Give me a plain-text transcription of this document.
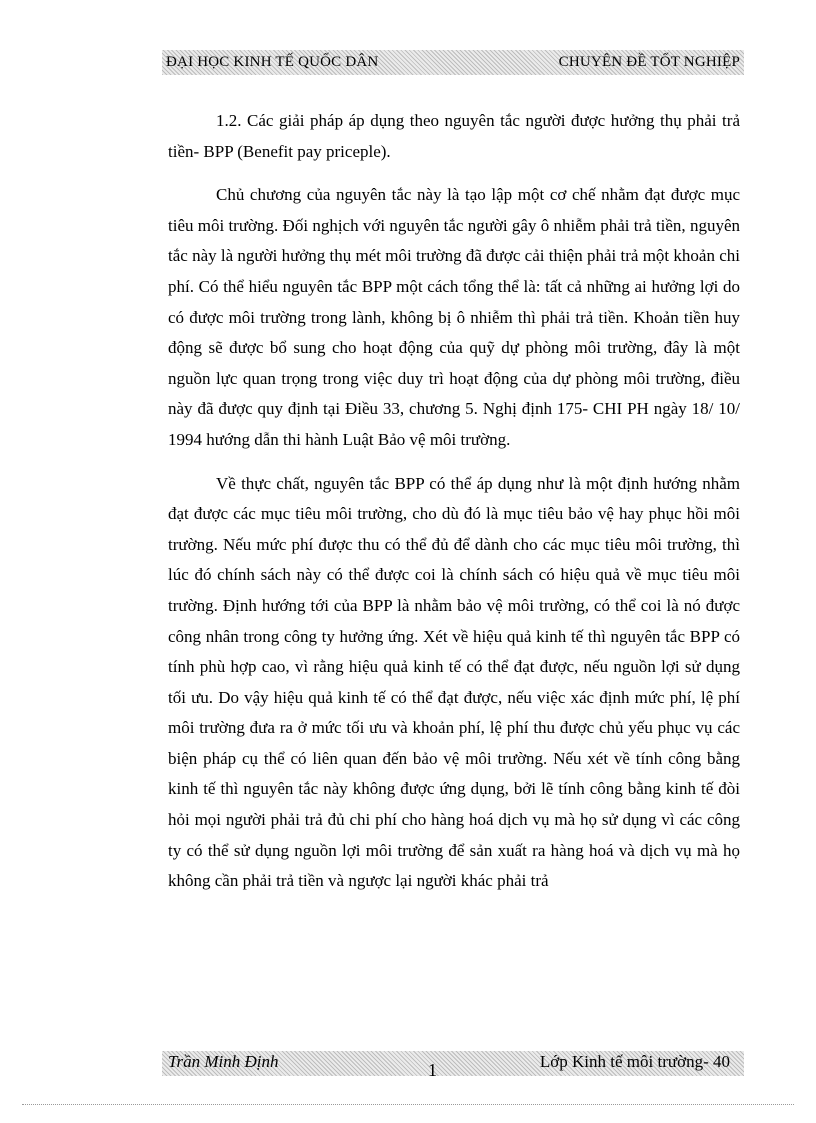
ĐẠI HỌC KINH TẾ QUỐC DÂN	CHUYÊN ĐỀ TỐT NGHIỆP

1.2. Các giải pháp áp dụng theo nguyên tắc người được hưởng thụ phải trả tiền- BPP (Benefit pay priceple).

Chủ chương của nguyên tắc này là tạo lập một cơ chế nhằm đạt được mục tiêu môi trường. Đối nghịch với nguyên tắc người gây ô nhiễm phải trả tiền, nguyên tắc này là người hưởng thụ mét môi trường đã được cải thiện phải trả một khoản chi phí. Có thể hiểu nguyên tắc BPP một cách tổng thể là: tất cả những ai hưởng lợi do có được môi trường trong lành, không bị ô nhiễm thì phải trả tiền. Khoản tiền huy động sẽ được bổ sung cho hoạt động của quỹ dự phòng môi trường, đây là một nguồn lực quan trọng trong việc duy trì hoạt động của dự phòng môi trường, điều này đã được quy định tại Điều 33, chương 5. Nghị định 175- CHI PH ngày 18/ 10/ 1994 hướng dẫn thi hành Luật Bảo vệ môi trường.

Về thực chất, nguyên tắc BPP có thể áp dụng như là một định hướng nhằm đạt được các mục tiêu môi trường, cho dù đó là mục tiêu bảo vệ hay phục hồi môi trường. Nếu mức phí được thu có thể đủ để dành cho các mục tiêu môi trường, thì lúc đó chính sách này có thể được coi là chính sách có hiệu quả về mục tiêu môi trường. Định hướng tới của BPP là nhằm bảo vệ môi trường, có thể coi là nó được công nhân trong công ty hưởng ứng. Xét về hiệu quả kinh tế thì nguyên tắc BPP có tính phù hợp cao, vì rằng hiệu quả kinh tế có thể đạt được, nếu nguồn lợi sử dụng tối ưu. Do vậy hiệu quả kinh tế có thể đạt được, nếu việc xác định mức phí, lệ phí môi trường đưa ra ở mức tối ưu và khoản phí, lệ phí thu được chủ yếu phục vụ các biện pháp cụ thể có liên quan đến bảo vệ môi trường. Nếu xét về tính công bằng kinh tế thì nguyên tắc này không được ứng dụng, bởi lẽ tính công bằng kinh tế đòi hỏi mọi người phải trả đủ chi phí cho hàng hoá dịch vụ mà họ sử dụng vì các công ty có thể sử dụng nguồn lợi môi trường để sản xuất ra hàng hoá và dịch vụ mà họ không cần phải trả tiền và ngược lại người khác phải trả

Trần Minh Định	1	Lớp Kinh tế môi trường- 40
